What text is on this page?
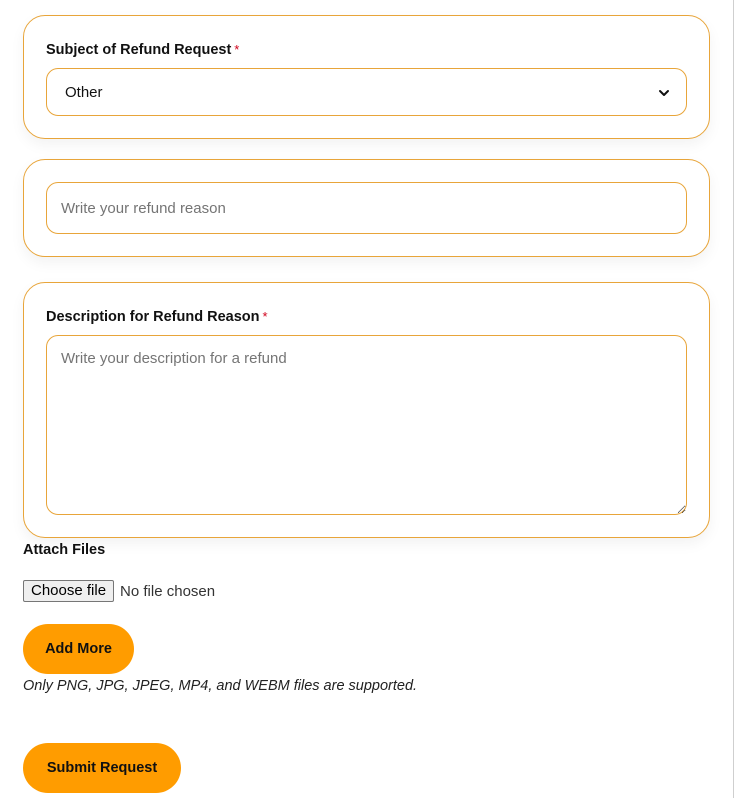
Subject of Refund Request *
Other
Write your refund reason
Description for Refund Reason *
Write your description for a refund
Attach Files
Choose file No file chosen
Add More
Only PNG, JPG, JPEG, MP4, and WEBM files are supported.
Submit Request
